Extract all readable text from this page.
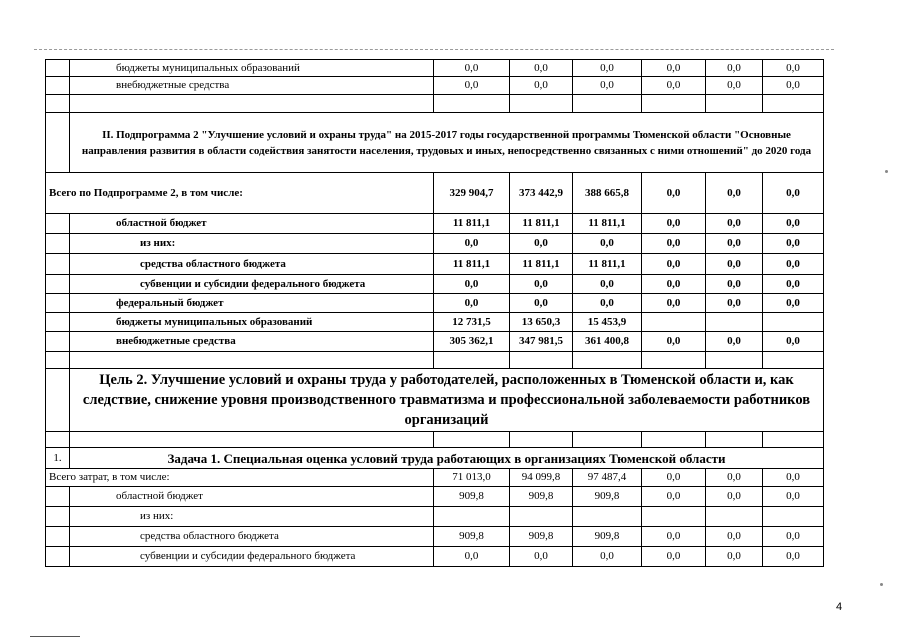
	бюджеты муниципальных образований	0,0	0,0	0,0	0,0	0,0	0,0
	внебюджетные средства	0,0	0,0	0,0	0,0	0,0	0,0

	II. Подпрограмма 2 "Улучшение условий и охраны труда" на 2015-2017 годы государственной программы Тюменской области "Основные направления развития в области содействия занятости населения, трудовых и иных, непосредственно связанных с ними отношений" до 2020 года						
Всего по Подпрограмме 2, в том числе:		329 904,7	373 442,9	388 665,8	0,0	0,0	0,0
	областной бюджет	11 811,1	11 811,1	11 811,1	0,0	0,0	0,0
	из них:	0,0	0,0	0,0	0,0	0,0	0,0
	средства областного бюджета	11 811,1	11 811,1	11 811,1	0,0	0,0	0,0
	субвенции и субсидии федерального бюджета	0,0	0,0	0,0	0,0	0,0	0,0
	федеральный бюджет	0,0	0,0	0,0	0,0	0,0	0,0
	бюджеты муниципальных образований	12 731,5	13 650,3	15 453,9			
	внебюджетные средства	305 362,1	347 981,5	361 400,8	0,0	0,0	0,0

	Цель 2. Улучшение условий и охраны труда у работодателей, расположенных в Тюменской области и, как следствие, снижение уровня производственного травматизма и профессиональной заболеваемости работников организаций						

1.	Задача 1. Специальная оценка условий труда работающих в организациях Тюменской области						
Всего затрат, в том числе:		71 013,0	94 099,8	97 487,4	0,0	0,0	0,0
	областной бюджет	909,8	909,8	909,8	0,0	0,0	0,0
	из них:						
	средства областного бюджета	909,8	909,8	909,8	0,0	0,0	0,0
	субвенции и субсидии федерального бюджета	0,0	0,0	0,0	0,0	0,0	0,0
4
